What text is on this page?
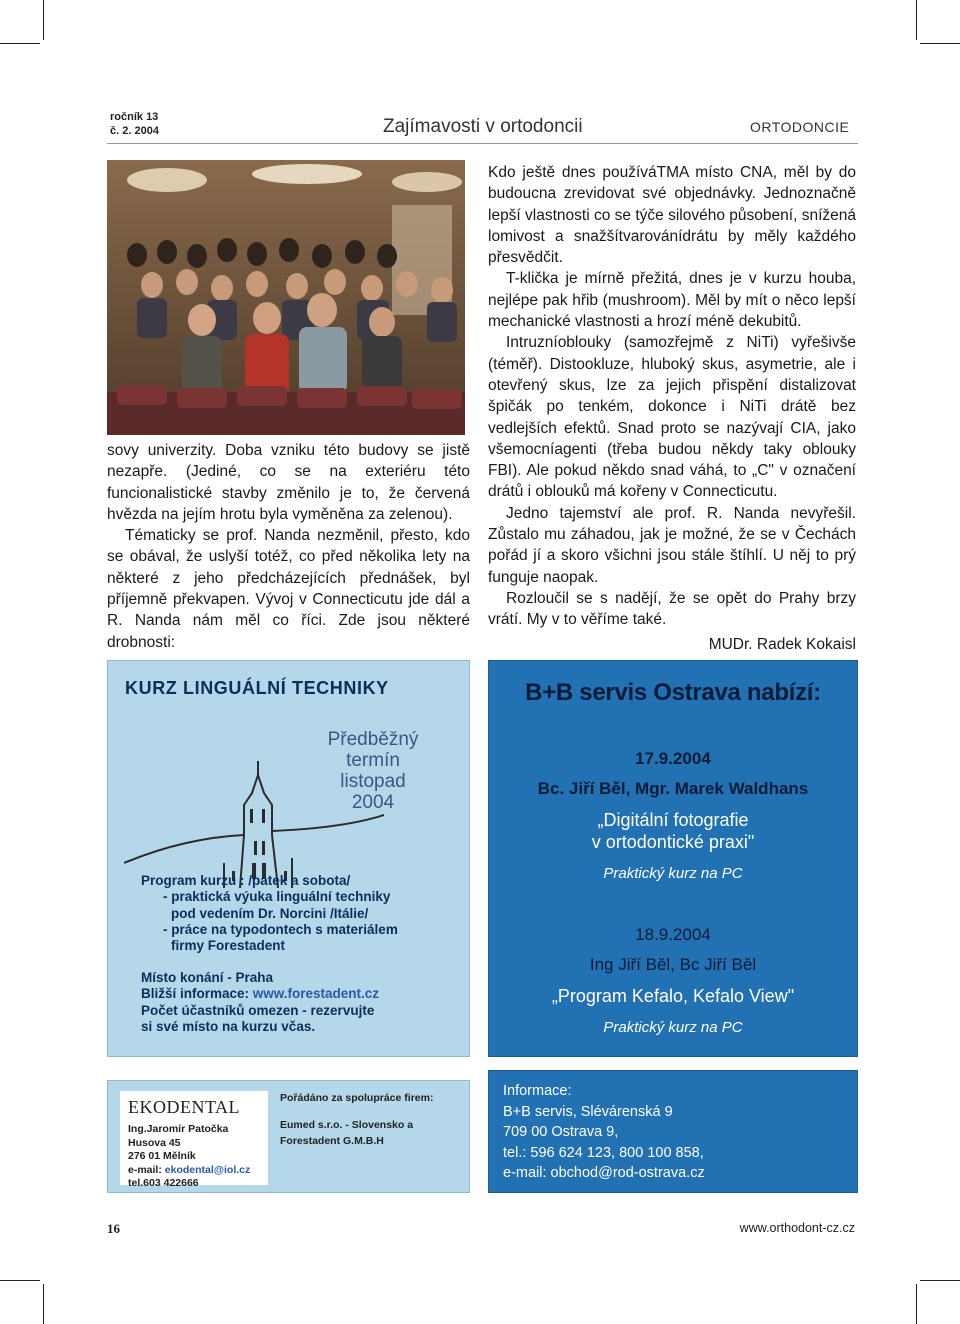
ročník 13
č. 2. 2004	Zajímavosti v ortodoncii	ORTODONCIE

sovy univerzity. Doba vzniku této budovy se jistě nezapře. (Jediné, co se na exteriéru této funcionalistické stavby změnilo je to, že červená hvězda na jejím hrotu byla vyměněna za zelenou).

Tématicky se prof. Nanda nezměnil, přesto, kdo se obával, že uslyší totéž, co před několika lety na některé z jeho předcházejících přednášek, byl příjemně překvapen. Vývoj v Connecticutu jde dál a R. Nanda nám měl co říci. Zde jsou některé drobnosti:

Kdo ještě dnes používáTMA místo CNA, měl by do budoucna zrevidovat své objednávky. Jednoznačně lepší vlastnosti co se týče silového působení, snížená lomivost a snažšítvarovánídrátu by měly každého přesvědčit.

T-klička je mírně přežitá, dnes je v kurzu houba, nejlépe pak hřib (mushroom). Měl by mít o něco lepší mechanické vlastnosti a hrozí méně dekubitů.

Intruzníoblouky (samozřejmě z NiTi) vyřešivše (téměř). Distookluze, hluboký skus, asymetrie, ale i otevřený skus, lze za jejich přispění distalizovat špičák po tenkém, dokonce i NiTi drátě bez vedlejších efektů. Snad proto se nazývají CIA, jako všemocníagenti (třeba budou někdy taky oblouky FBI). Ale pokud někdo snad váhá, to „C" v označení drátů i oblouků má kořeny v Connecticutu.

Jedno tajemství ale prof. R. Nanda nevyřešil. Zůstalo mu záhadou, jak je možné, že se v Čechách pořád jí a skoro všichni jsou stále štíhlí. U něj to prý funguje naopak.

Rozloučil se s nadějí, že se opět do Prahy brzy vrátí. My v to věříme také.

MUDr. Radek Kokaisl
KURZ LINGUÁLNÍ TECHNIKY
Předběžný
termín
listopad
2004
Program kurzu : /pátek a sobota/
- praktická výuka linguální techniky
pod vedením Dr. Norcini /Itálie/
- práce na typodontech s materiálem
firmy Forestadent
Místo konání - Praha
Bližší informace: www.forestadent.cz
Počet účastníků omezen - rezervujte
si své místo na kurzu včas.
B+B servis Ostrava nabízí:
17.9.2004
Bc. Jiří Běl, Mgr. Marek Waldhans
„Digitální fotografie
v ortodontické praxi"
Praktický kurz na PC
18.9.2004
Ing Jiří Běl, Bc Jiří Běl
„Program Kefalo, Kefalo View"
Praktický kurz na PC
EKODENTAL
Ing.Jaromír Patočka
Husova 45
276 01 Mělník
e-mail: ekodental@iol.cz
tel.603 422666
Pořádáno za spolupráce firem:
Eumed s.r.o. - Slovensko a
Forestadent G.M.B.H
Informace:
B+B servis, Slévárenská 9
709 00 Ostrava 9,
tel.: 596 624 123, 800 100 858,
e-mail: obchod@rod-ostrava.cz
16	www.orthodont-cz.cz
